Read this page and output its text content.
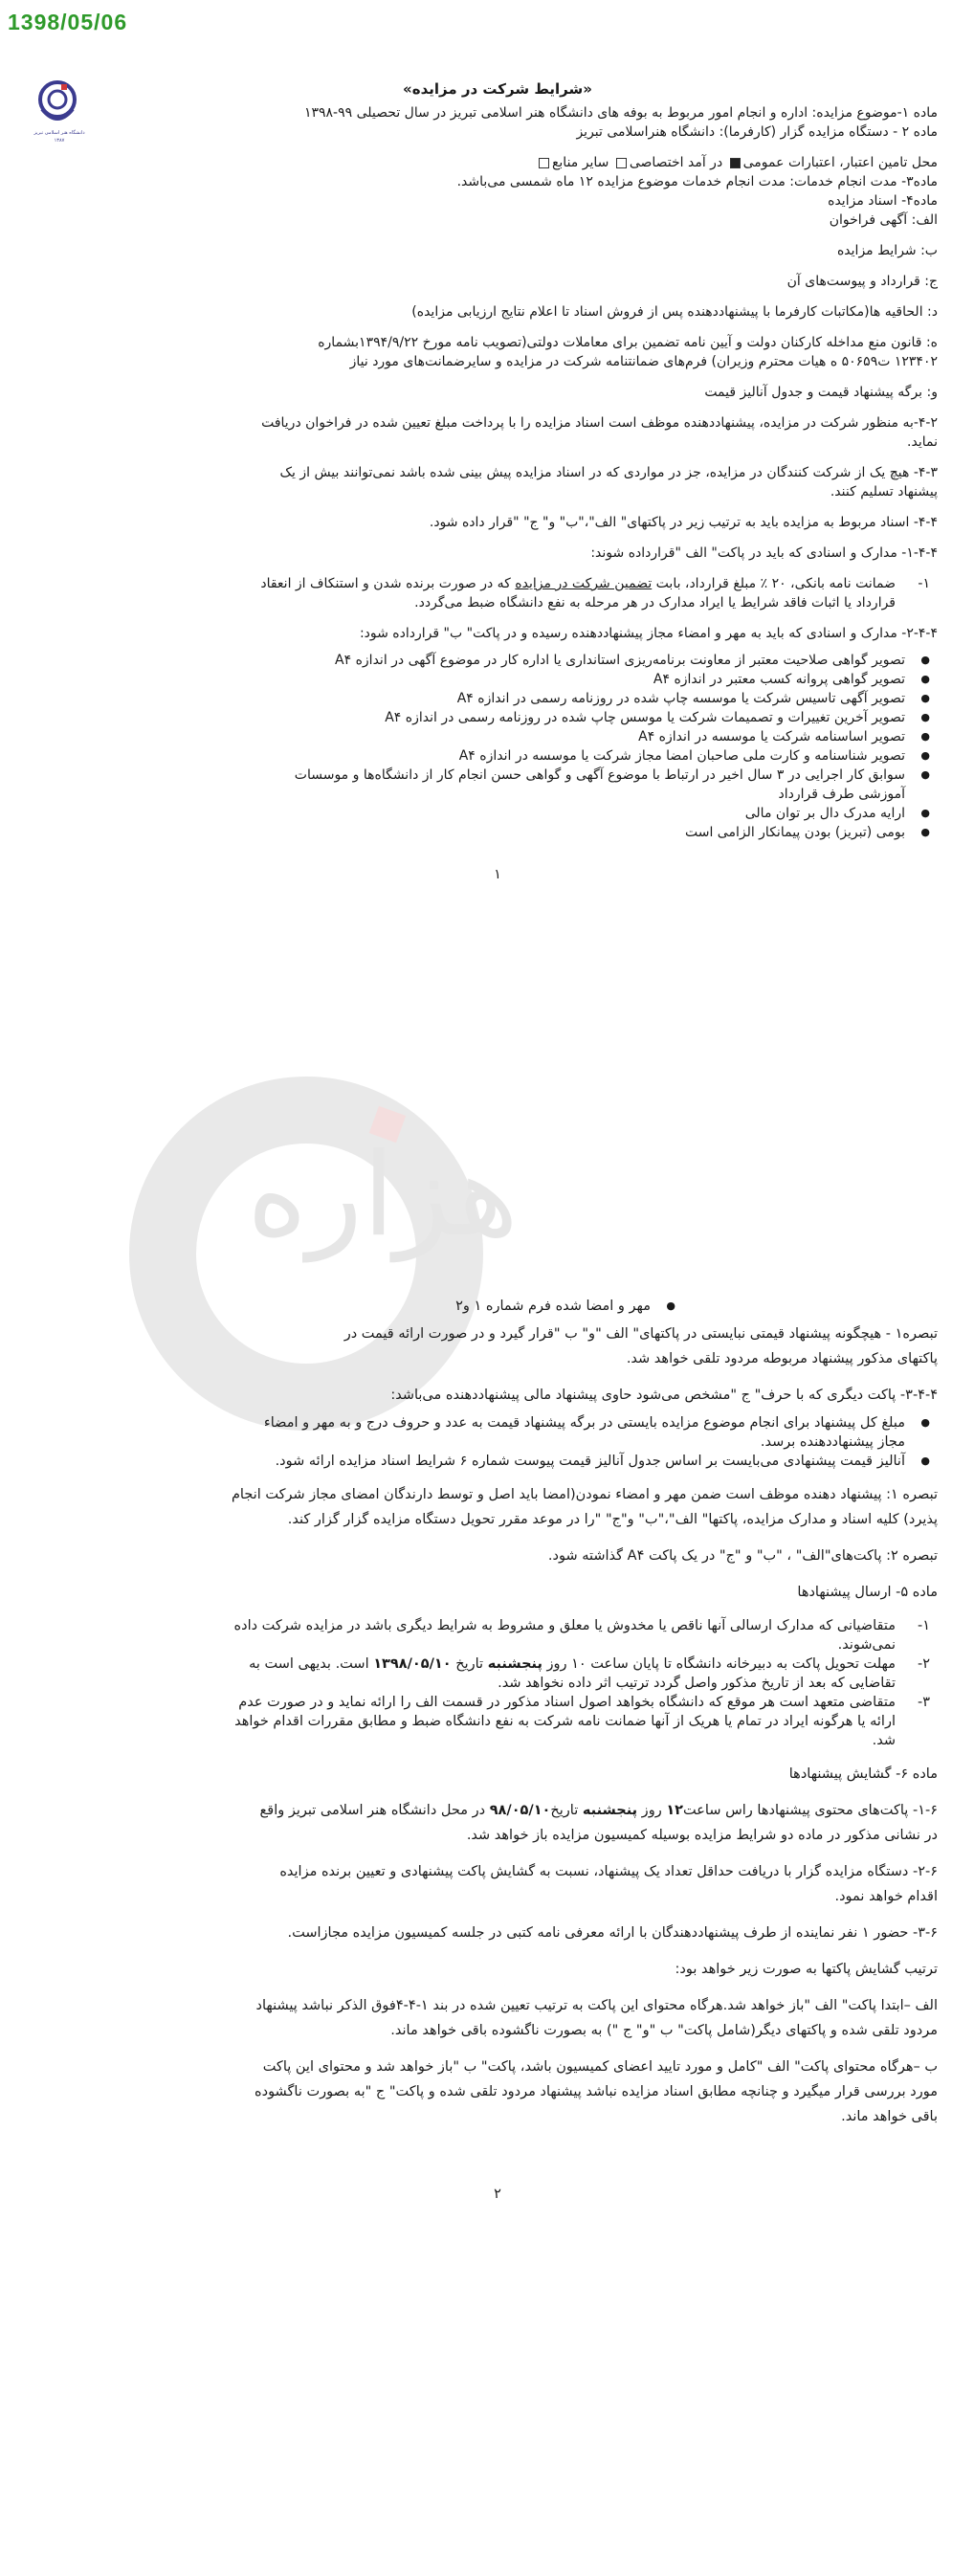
1398/05/06
دانشگاه هنر اسلامی تبریز
۱۳۸۷
هزاره

«شرایط شرکت در مزایده»

ماده ۱-موضوع مزایده: اداره و انجام امور مربوط به بوفه های دانشگاه هنر اسلامی تبریز در سال تحصیلی ۹۹-۱۳۹۸

ماده ۲ - دستگاه مزایده گزار (کارفرما): دانشگاه هنراسلامی تبریز

محل تامین اعتبار، اعتبارات عمومی در آمد اختصاصی سایر منابع

ماده۳- مدت انجام خدمات: مدت انجام خدمات موضوع مزایده ۱۲ ماه شمسی می‌باشد.

ماده۴- اسناد مزایده

الف: آگهی فراخوان

ب: شرایط مزایده

ج: قرارداد و پیوست‌های آن

د: الحاقیه ها(مکاتبات کارفرما با پیشنهاددهنده پس از فروش اسناد تا اعلام نتایج ارزیابی مزایده)

ه: قانون منع مداخله کارکنان دولت و آیین نامه تضمین برای معاملات دولتی(تصویب نامه مورخ ۱۳۹۴/۹/۲۲بشماره

۱۲۳۴۰۲ ت۵۰۶۵۹ ه هیات محترم وزیران) فرم‌های ضمانتنامه شرکت در مزایده و سایرضمانت‌های مورد نیاز

و: برگه پیشنهاد قیمت و جدول آنالیز قیمت

۴-۲-به منظور شرکت در مزایده، پیشنهاددهنده موظف است اسناد مزایده را با پرداخت مبلغ تعیین شده در فراخوان دریافت

نماید.

۴-۳- هیچ یک از شرکت کنندگان در مزایده، جز در مواردی که در اسناد مزایده پیش بینی شده باشد نمی‌توانند بیش از یک

پیشنهاد تسلیم کنند.

۴-۴- اسناد مربوط به مزایده باید به ترتیب زیر در پاکتهای" الف"،"ب" و" ج" "قرار داده شود.

۱-۴-۴- مدارک و اسنادی که باید در پاکت" الف "قرارداده شوند:

۱-
ضمانت نامه بانکی، ۲۰ ٪ مبلغ قرارداد، بابت تضمین شرکت در مزایده که در صورت برنده شدن و استنکاف از انعقاد
قرارداد یا اثبات فاقد شرایط یا ایراد مدارک در هر مرحله به نفع دانشگاه ضبط می‌گردد.

۲-۴-۴- مدارک و اسنادی که باید به مهر و امضاء مجاز پیشنهاددهنده رسیده و در پاکت" ب" قرارداده شود:

● تصویر گواهی صلاحیت معتبر از معاونت برنامه‌ریزی استانداری یا اداره کار در موضوع آگهی در اندازه A۴
● تصویر گواهی پروانه کسب معتبر در اندازه A۴
● تصویر آگهی تاسیس شرکت یا موسسه چاپ شده در روزنامه رسمی در اندازه A۴
● تصویر آخرین تغییرات و تصمیمات شرکت یا موسس چاپ شده در روزنامه رسمی در اندازه A۴
● تصویر اساسنامه شرکت یا موسسه در اندازه A۴
● تصویر شناسنامه و کارت ملی صاحبان امضا مجاز شرکت یا موسسه در اندازه A۴
● سوابق کار اجرایی در ۳ سال اخیر در ارتباط با موضوع آگهی و گواهی حسن انجام کار از دانشگاه‌ها و موسسات
آموزشی طرف قرارداد
● ارایه مدرک دال بر توان مالی
● بومی (تبریز) بودن پیمانکار الزامی است

۱

● مهر و امضا شده فرم شماره ۱ و۲

تبصره۱ - هیچگونه پیشنهاد قیمتی نبایستی در پاکتهای" الف "و" ب "قرار گیرد و در صورت ارائه قیمت در

پاکتهای مذکور پیشنهاد مربوطه مردود تلقی خواهد شد.

۳-۴-۴- پاکت دیگری که با حرف" ج "مشخص می‌شود حاوی پیشنهاد مالی پیشنهاددهنده می‌باشد:

● مبلغ کل پیشنهاد برای انجام موضوع مزایده بایستی در برگه پیشنهاد قیمت به عدد و حروف درج و به مهر و امضاء
مجاز پیشنهاددهنده برسد.
● آنالیز قیمت پیشنهادی می‌بایست بر اساس جدول آنالیز قیمت پیوست شماره ۶ شرایط اسناد مزایده ارائه شود.

تبصره ۱: پیشنهاد دهنده موظف است ضمن مهر و امضاء نمودن(امضا باید اصل و توسط دارندگان امضای مجاز شرکت انجام

پذیرد) کلیه اسناد و مدارک مزایده، پاکتها" الف"،"ب" و"ج" "را در موعد مقرر تحویل دستگاه مزایده گزار گزار کند.

تبصره ۲: پاکت‌های"الف" ، "ب" و "ج" در یک پاکت A۴ گذاشته شود.

ماده ۵- ارسال پیشنهادها

۱-
متقاضیانی که مدارک ارسالی آنها ناقص یا مخدوش یا معلق و مشروط به شرایط دیگری باشد در مزایده شرکت داده
نمی‌شوند.
۲-
مهلت تحویل پاکت به دبیرخانه دانشگاه تا پایان ساعت ۱۰ روز پنجشنبه تاریخ ۱۳۹۸/۰۵/۱۰ است. بدیهی است به
تقاضایی که بعد از تاریخ مذکور واصل گردد ترتیب اثر داده نخواهد شد.
۳-
متقاضی متعهد است هر موقع که دانشگاه بخواهد اصول اسناد مذکور در قسمت الف را ارائه نماید و در صورت عدم
ارائه یا هرگونه ایراد در تمام یا هریک از آنها ضمانت نامه شرکت به نفع دانشگاه ضبط و مطابق مقررات اقدام خواهد
شد.

ماده ۶- گشایش پیشنهادها

۱-۶- پاکت‌های محتوی پیشنهادها راس ساعت۱۲ روز پنجشنبه تاریخ۹۸/۰۵/۱۰ در محل دانشگاه هنر اسلامی تبریز واقع

در نشانی مذکور در ماده دو شرایط مزایده بوسیله کمیسیون مزایده باز خواهد شد.

۲-۶- دستگاه مزایده گزار با دریافت حداقل تعداد یک پیشنهاد، نسبت به گشایش پاکت پیشنهادی و تعیین برنده مزایده

اقدام خواهد نمود.

۳-۶- حضور ۱ نفر نماینده از طرف پیشنهاددهندگان با ارائه معرفی نامه کتبی در جلسه کمیسیون مزایده مجازاست.

ترتیب گشایش پاکتها به صورت زیر خواهد بود:

الف –ابتدا پاکت" الف "باز خواهد شد.هرگاه محتوای این پاکت به ترتیب تعیین شده در بند ۱-۴-۴فوق الذکر نباشد پیشنهاد

مردود تلقی شده و پاکتهای دیگر(شامل پاکت" ب "و" ج ") به بصورت ناگشوده باقی خواهد ماند.

ب –هرگاه محتوای پاکت" الف "کامل و مورد تایید اعضای کمیسیون باشد، پاکت" ب "باز خواهد شد و محتوای این پاکت

مورد بررسی قرار میگیرد و چنانچه مطابق اسناد مزایده نباشد پیشنهاد مردود تلقی شده و پاکت" ج "به بصورت ناگشوده

باقی خواهد ماند.

۲
